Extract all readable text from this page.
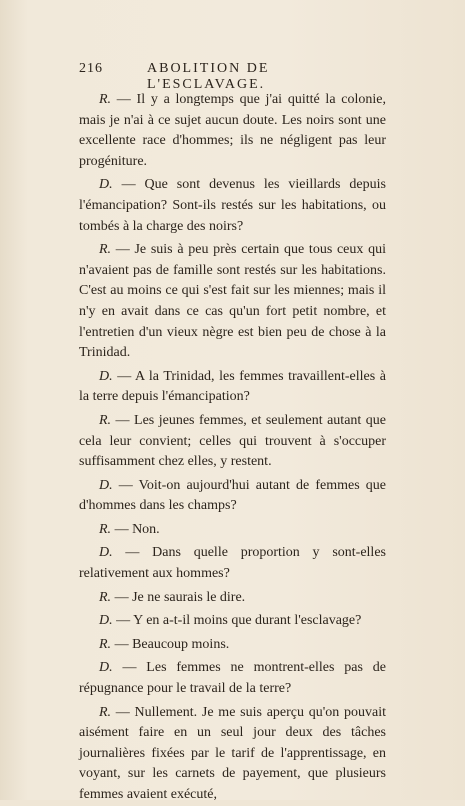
216	ABOLITION DE L'ESCLAVAGE.

R. — Il y a longtemps que j'ai quitté la colonie, mais je n'ai à ce sujet aucun doute. Les noirs sont une excellente race d'hommes; ils ne négligent pas leur progéniture.

D. — Que sont devenus les vieillards depuis l'émancipation? Sont-ils restés sur les habitations, ou tombés à la charge des noirs?

R. — Je suis à peu près certain que tous ceux qui n'avaient pas de famille sont restés sur les habitations. C'est au moins ce qui s'est fait sur les miennes; mais il n'y en avait dans ce cas qu'un fort petit nombre, et l'entretien d'un vieux nègre est bien peu de chose à la Trinidad.

D. — A la Trinidad, les femmes travaillent-elles à la terre depuis l'émancipation?

R. — Les jeunes femmes, et seulement autant que cela leur convient; celles qui trouvent à s'occuper suffisamment chez elles, y restent.

D. — Voit-on aujourd'hui autant de femmes que d'hommes dans les champs?

R. — Non.

D. — Dans quelle proportion y sont-elles relativement aux hommes?

R. — Je ne saurais le dire.

D. — Y en a-t-il moins que durant l'esclavage?

R. — Beaucoup moins.

D. — Les femmes ne montrent-elles pas de répugnance pour le travail de la terre?

R. — Nullement. Je me suis aperçu qu'on pouvait aisément faire en un seul jour deux des tâches journalières fixées par le tarif de l'apprentissage, en voyant, sur les carnets de payement, que plusieurs femmes avaient exécuté,
